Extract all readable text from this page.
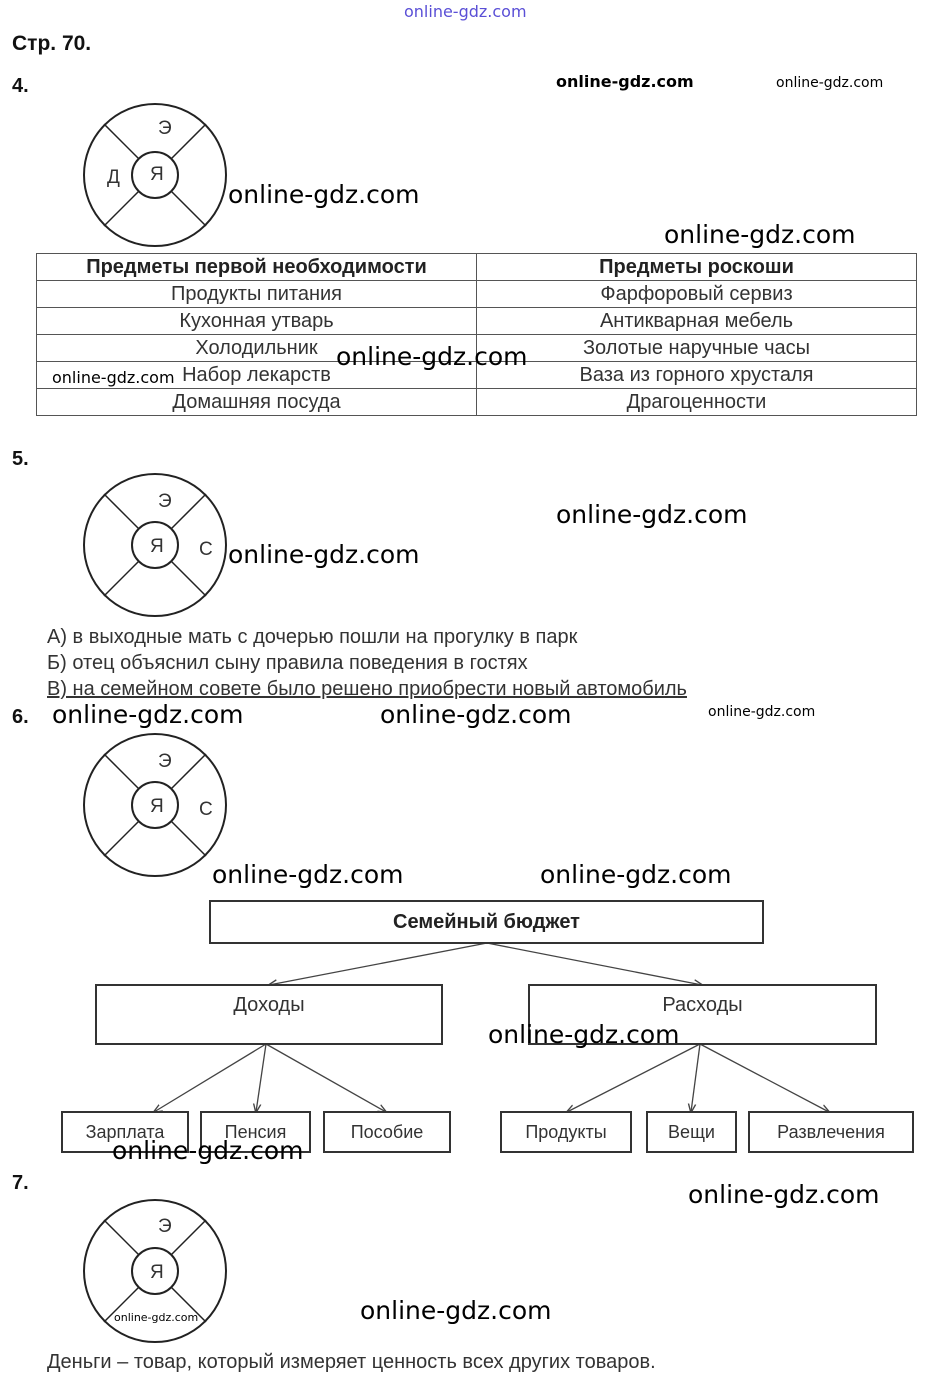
online-gdz.com
online-gdz.com	online-gdz.com
online-gdz.com
online-gdz.com
Стр. 70.
4.
Э
Я
Д
Предметы первой необходимости	Предметы роскоши
Продукты питания	Фарфоровый сервиз
Кухонная утварь	Антикварная мебель
Холодильник	Золотые наручные часы
Набор лекарств	Ваза из горного хрусталя
Домашняя посуда	Драгоценности
online-gdz.com
online-gdz.com
5.
Э
Я С
online-gdz.com
online-gdz.com
А) в выходные мать с дочерью пошли на прогулку в парк
Б) отец объяснил сыну правила поведения в гостях
В) на семейном совете было решено приобрести новый автомобиль
6. online-gdz.com	online-gdz.com	online-gdz.com
Э
Я С
online-gdz.com	online-gdz.com
Семейный бюджет
Доходы	Расходы
Зарплата	Пенсия	Пособие	Продукты	Вещи	Развлечения
online-gdz.com
online-gdz.com
7.	online-gdz.com
Э
Я
online-gdz.com	online-gdz.com
Деньги – товар, который измеряет ценность всех других товаров.
